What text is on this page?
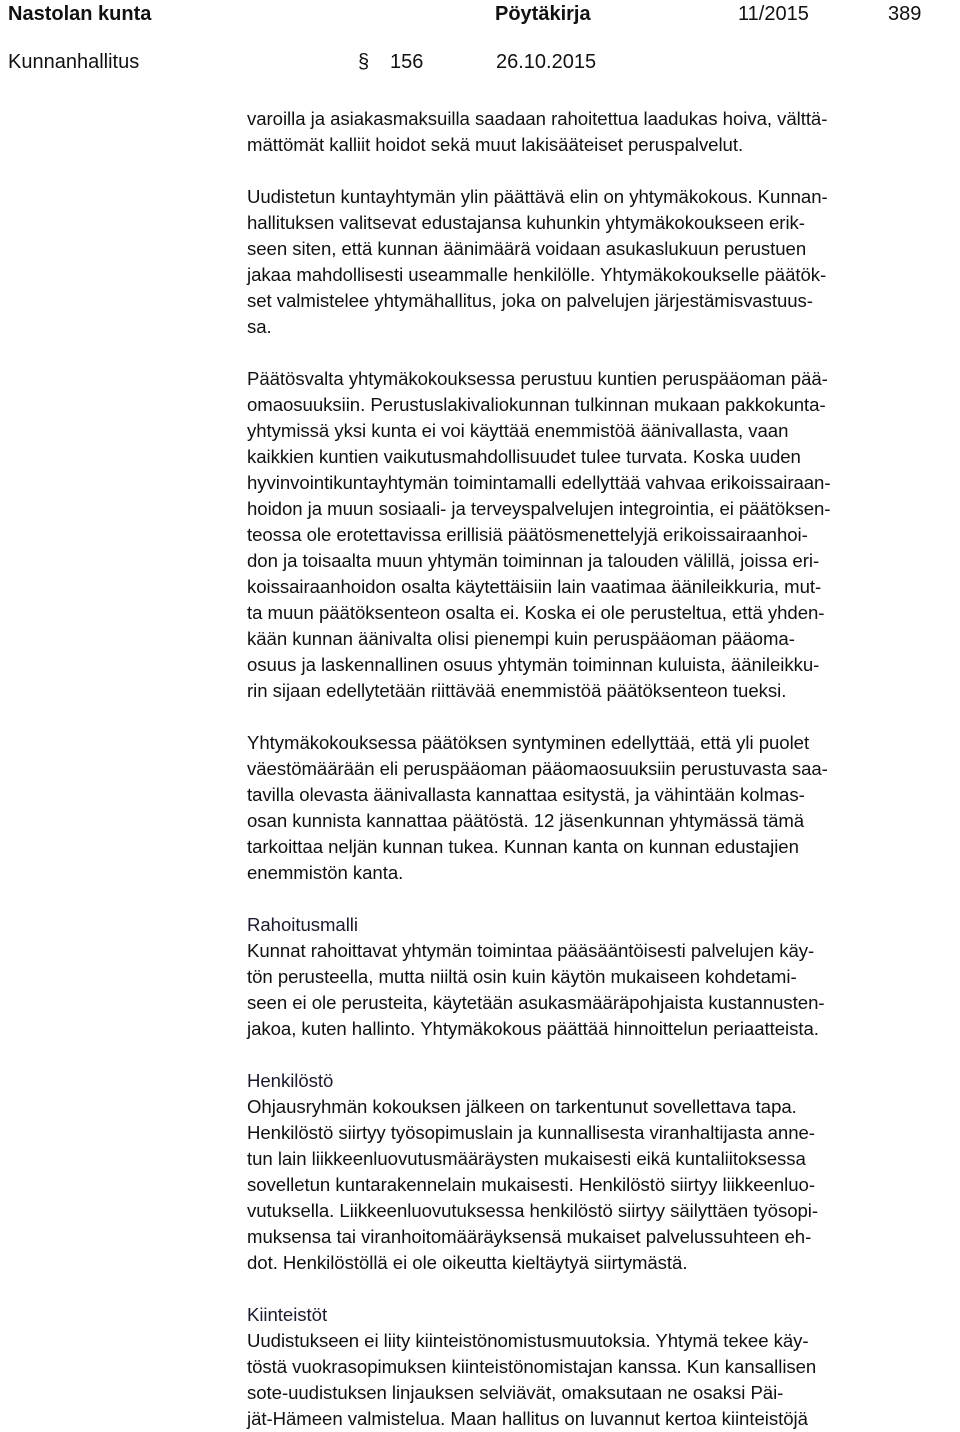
Nastolan kunta	Pöytäkirja	11/2015	389
Kunnanhallitus	§ 156	26.10.2015
varoilla ja asiakasmaksuilla saadaan rahoitettua laadukas hoiva, välttä-
mättömät kalliit hoidot sekä muut lakisääteiset peruspalvelut.
Uudistetun kuntayhtymän ylin päättävä elin on yhtymäkokous. Kunnan-
hallituksen valitsevat edustajansa kuhunkin yhtymäkokoukseen erik-
seen siten, että kunnan äänimäärä voidaan asukaslukuun perustuen
jakaa mahdollisesti useammalle henkilölle. Yhtymäkokoukselle päätök-
set valmistelee yhtymähallitus, joka on palvelujen järjestämisvastuus-
sa.
Päätösvalta yhtymäkokouksessa perustuu kuntien peruspääoman pää-
omaosuuksiin. Perustuslakivaliokunnan tulkinnan mukaan pakkokunta-
yhtymissä yksi kunta ei voi käyttää enemmistöä äänivallasta, vaan
kaikkien kuntien vaikutusmahdollisuudet tulee turvata. Koska uuden
hyvinvointikuntayhtymän toimintamalli edellyttää vahvaa erikoissairaan-
hoidon ja muun sosiaali- ja terveyspalvelujen integrointia, ei päätöksen-
teossa ole erotettavissa erillisiä päätösmenettelyjä erikoissairaanhoi-
don ja toisaalta muun yhtymän toiminnan ja talouden välillä, joissa eri-
koissairaanhoidon osalta käytettäisiin lain vaatimaa äänileikkuria, mut-
ta muun päätöksenteon osalta ei. Koska ei ole perusteltua, että yhden-
kään kunnan äänivalta olisi pienempi kuin peruspääoman pääoma-
osuus ja laskennallinen osuus yhtymän toiminnan kuluista, äänileikku-
rin sijaan edellytetään riittävää enemmistöä päätöksenteon tueksi.
Yhtymäkokouksessa päätöksen syntyminen edellyttää, että yli puolet
väestömäärään eli peruspääoman pääomaosuuksiin perustuvasta saa-
tavilla olevasta äänivallasta kannattaa esitystä, ja vähintään kolmas-
osan kunnista kannattaa päätöstä. 12 jäsenkunnan yhtymässä tämä
tarkoittaa neljän kunnan tukea. Kunnan kanta on kunnan edustajien
enemmistön kanta.
Rahoitusmalli
Kunnat rahoittavat yhtymän toimintaa pääsääntöisesti palvelujen käy-
tön perusteella, mutta niiltä osin kuin käytön mukaiseen kohdetami-
seen ei ole perusteita, käytetään asukasmääräpohjaista kustannusten-
jakoa, kuten hallinto. Yhtymäkokous päättää hinnoittelun periaatteista.
Henkilöstö
Ohjausryhmän kokouksen jälkeen on tarkentunut sovellettava tapa.
Henkilöstö siirtyy työsopimuslain ja kunnallisesta viranhaltijasta anne-
tun lain liikkeenluovutusmääräysten mukaisesti eikä kuntaliitoksessa
sovelletun kuntarakennelain mukaisesti. Henkilöstö siirtyy liikkeenluo-
vutuksella. Liikkeenluovutuksessa henkilöstö siirtyy säilyttäen työsopi-
muksensa tai viranhoitomääräyksensä mukaiset palvelussuhteen eh-
dot. Henkilöstöllä ei ole oikeutta kieltäytyä siirtymästä.
Kiinteistöt
Uudistukseen ei liity kiinteistönomistusmuutoksia. Yhtymä tekee käy-
töstä vuokrasopimuksen kiinteistönomistajan kanssa. Kun kansallisen
sote-uudistuksen linjauksen selviävät, omaksutaan ne osaksi Päi-
jät-Hämeen valmistelua. Maan hallitus on luvannut kertoa kiinteistöjä
